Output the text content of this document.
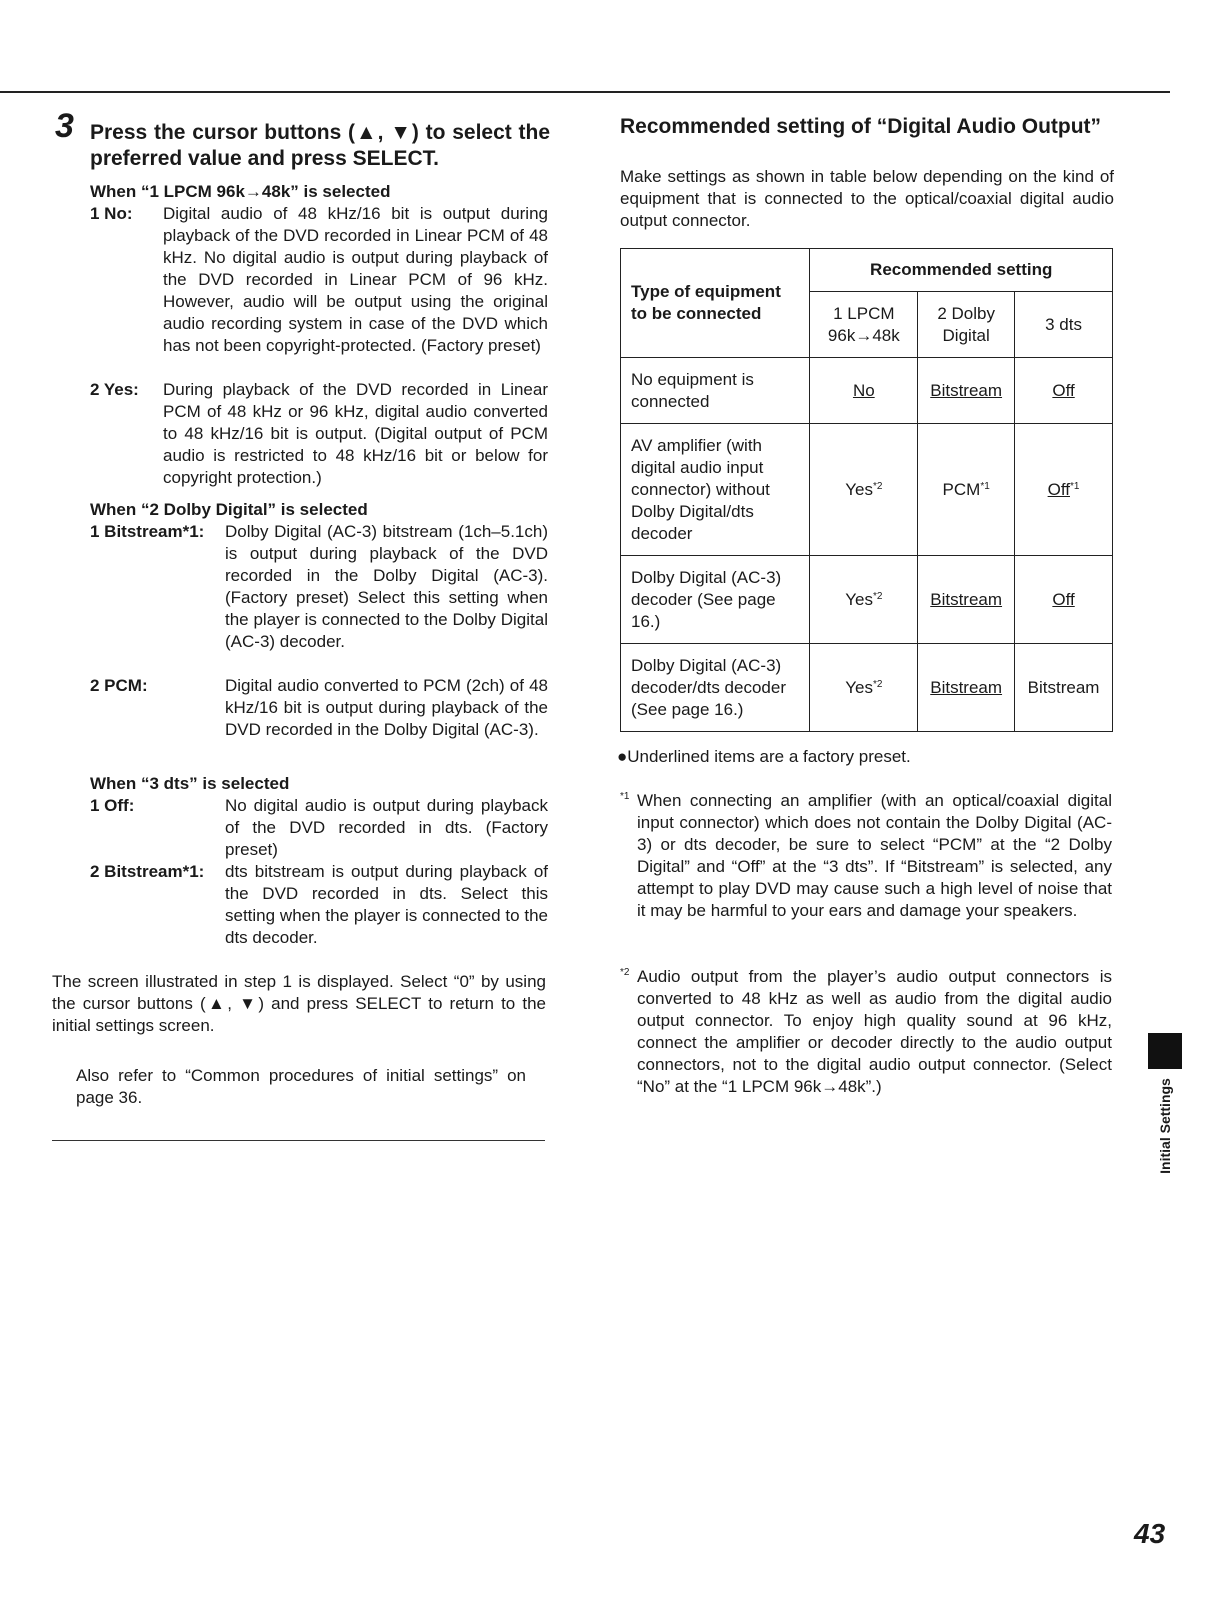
3 Press the cursor buttons (▲, ▼) to select the preferred value and press SELECT.
When “1 LPCM 96k→48k” is selected
1 No:	Digital audio of 48 kHz/16 bit is output during playback of the DVD recorded in Linear PCM of 48 kHz. No digital audio is output during playback of the DVD recorded in Linear PCM of 96 kHz. However, audio will be output using the original audio recording system in case of the DVD which has not been copyright-protected. (Factory preset)
2 Yes:	During playback of the DVD recorded in Linear PCM of 48 kHz or 96 kHz, digital audio converted to 48 kHz/16 bit is output. (Digital output of PCM audio is restricted to 48 kHz/16 bit or below for copyright protection.)
When “2 Dolby Digital” is selected
1 Bitstream*1:	Dolby Digital (AC-3) bitstream (1ch–5.1ch) is output during playback of the DVD recorded in the Dolby Digital (AC-3). (Factory preset) Select this setting when the player is connected to the Dolby Digital (AC-3) decoder.
2 PCM:	Digital audio converted to PCM (2ch) of 48 kHz/16 bit is output during playback of the DVD recorded in the Dolby Digital (AC-3).
When “3 dts” is selected
1 Off:	No digital audio is output during playback of the DVD recorded in dts. (Factory preset)
2 Bitstream*1:	dts bitstream is output during playback of the DVD recorded in dts. Select this setting when the player is connected to the dts decoder.
The screen illustrated in step 1 is displayed. Select “0” by using the cursor buttons (▲, ▼) and press SELECT to return to the initial settings screen.
Also refer to “Common procedures of initial settings” on page 36.
Recommended setting of “Digital Audio Output”
Make settings as shown in table below depending on the kind of equipment that is connected to the optical/coaxial digital audio output connector.
Type of equipment to be connected	Recommended setting		
	1 LPCM 96k→48k	2 Dolby Digital	3 dts
No equipment is connected	No	Bitstream	Off
AV amplifier (with digital audio input connector) without Dolby Digital/dts decoder	Yes$^{*2}$	PCM$^{*1}$	Off$^{*1}$
Dolby Digital (AC-3) decoder (See page 16.)	Yes$^{*2}$	Bitstream	Off
Dolby Digital (AC-3) decoder/dts decoder (See page 16.)	Yes$^{*2}$	Bitstream	Bitstream
●Underlined items are a factory preset.
*1 When connecting an amplifier (with an optical/coaxial digital input connector) which does not contain the Dolby Digital (AC-3) or dts decoder, be sure to select “PCM” at the “2 Dolby Digital” and “Off” at the “3 dts”. If “Bitstream” is selected, any attempt to play DVD may cause such a high level of noise that it may be harmful to your ears and damage your speakers.
*2 Audio output from the player’s audio output connectors is converted to 48 kHz as well as audio from the digital audio output connector. To enjoy high quality sound at 96 kHz, connect the amplifier or decoder directly to the audio output connectors, not to the digital audio output connector. (Select “No” at the “1 LPCM 96k→48k”.)	Initial Settings
43
